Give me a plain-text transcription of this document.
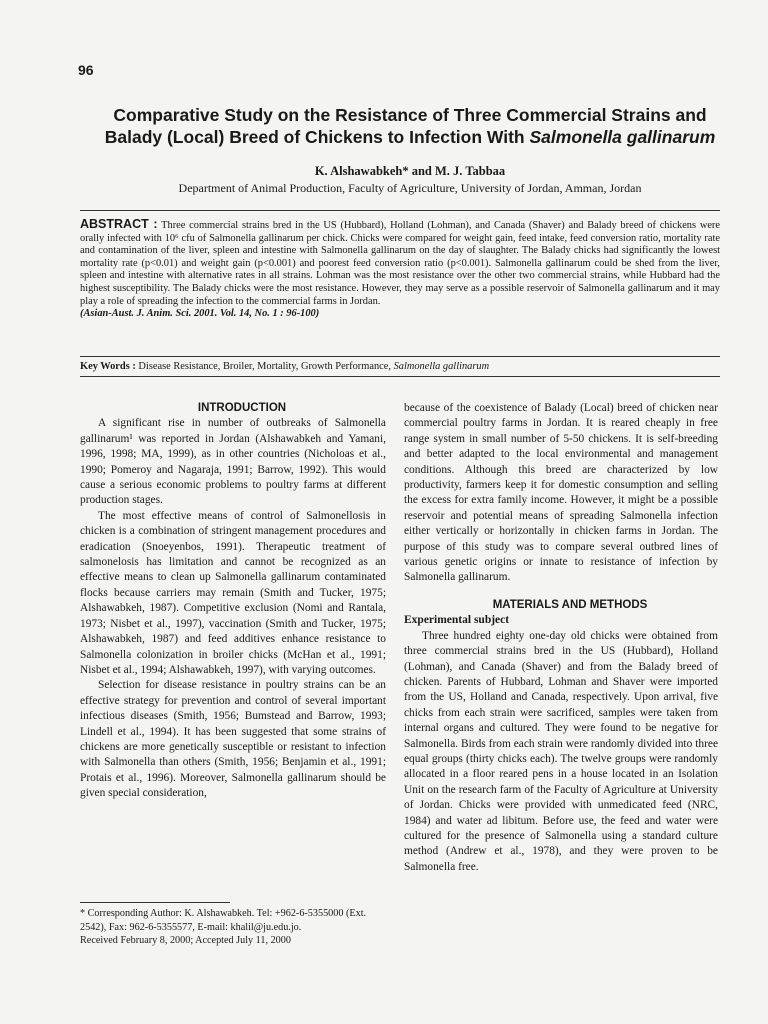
96
Comparative Study on the Resistance of Three Commercial Strains and
Balady (Local) Breed of Chickens to Infection With Salmonella gallinarum
K. Alshawabkeh* and M. J. Tabbaa
Department of Animal Production, Faculty of Agriculture, University of Jordan, Amman, Jordan
ABSTRACT : Three commercial strains bred in the US (Hubbard), Holland (Lohman), and Canada (Shaver) and Balady breed of chickens were orally infected with 10⁶ cfu of Salmonella gallinarum per chick. Chicks were compared for weight gain, feed intake, feed conversion ratio, mortality rate and contamination of the liver, spleen and intestine with Salmonella gallinarum on the day of slaughter. The Balady chicks had significantly the lowest mortality rate (p<0.01) and weight gain (p<0.001) and poorest feed conversion ratio (p<0.001). Salmonella gallinarum could be shed from the liver, spleen and intestine with alternative rates in all strains. Lohman was the most resistance over the other two commercial strains, while Hubbard had the highest susceptibility. The Balady chicks were the most resistance. However, they may serve as a possible reservoir of Salmonella gallinarum and it may play a role of spreading the infection to the commercial farms in Jordan.
(Asian-Aust. J. Anim. Sci. 2001. Vol. 14, No. 1 : 96-100)
Key Words : Disease Resistance, Broiler, Mortality, Growth Performance, Salmonella gallinarum

INTRODUCTION

A significant rise in number of outbreaks of Salmonella gallinarum¹ was reported in Jordan (Alshawabkeh and Yamani, 1996, 1998; MA, 1999), as in other countries (Nicholoas et al., 1990; Pomeroy and Nagaraja, 1991; Barrow, 1992). This would cause a serious economic problems to poultry farms at different production stages.

The most effective means of control of Salmonellosis in chicken is a combination of stringent management procedures and eradication (Snoeyenbos, 1991). Therapeutic treatment of salmonelosis has limitation and cannot be recognized as an effective means to clean up Salmonella gallinarum contaminated flocks because carriers may remain (Smith and Tucker, 1975; Alshawabkeh, 1987). Competitive exclusion (Nomi and Rantala, 1973; Nisbet et al., 1997), vaccination (Smith and Tucker, 1975; Alshawabkeh, 1987) and feed additives enhance resistance to Salmonella colonization in broiler chicks (McHan et al., 1991; Nisbet et al., 1994; Alshawabkeh, 1997), with varying outcomes.

Selection for disease resistance in poultry strains can be an effective strategy for prevention and control of several important infectious diseases (Smith, 1956; Bumstead and Barrow, 1993; Lindell et al., 1994). It has been suggested that some strains of chickens are more genetically susceptible or resistant to infection with Salmonella than others (Smith, 1956; Benjamin et al., 1991; Protais et al., 1996). Moreover, Salmonella gallinarum should be given special consideration,

* Corresponding Author: K. Alshawabkeh. Tel: +962-6-5355000 (Ext. 2542), Fax: 962-6-5355577, E-mail: khalil@ju.edu.jo.
Received February 8, 2000; Accepted July 11, 2000

because of the coexistence of Balady (Local) breed of chicken near commercial poultry farms in Jordan. It is reared cheaply in free range system in small number of 5-50 chickens. It is self-breeding and better adapted to the local environmental and management conditions. Although this breed are characterized by low productivity, farmers keep it for domestic consumption and selling the excess for extra family income. However, it might be a possible reservoir and potential means of spreading Salmonella infection either vertically or horizontally in chicken farms in Jordan. The purpose of this study was to compare several outbred lines of various genetic origins or innate to resistance of infection by Salmonella gallinarum.

MATERIALS AND METHODS

Experimental subject

Three hundred eighty one-day old chicks were obtained from three commercial strains bred in the US (Hubbard), Holland (Lohman), and Canada (Shaver) and from the Balady breed of chicken. Parents of Hubbard, Lohman and Shaver were imported from the US, Holland and Canada, respectively. Upon arrival, five chicks from each strain were sacrificed, samples were taken from internal organs and cultured. They were found to be negative for Salmonella. Birds from each strain were randomly divided into three equal groups (thirty chicks each). The twelve groups were randomly allocated in a floor reared pens in a house located in an Isolation Unit on the research farm of the Faculty of Agriculture at University of Jordan. Chicks were provided with unmedicated feed (NRC, 1984) and water ad libitum. Before use, the feed and water were cultured for the presence of Salmonella using a standard culture method (Andrew et al., 1978), and they were proven to be Salmonella free.
